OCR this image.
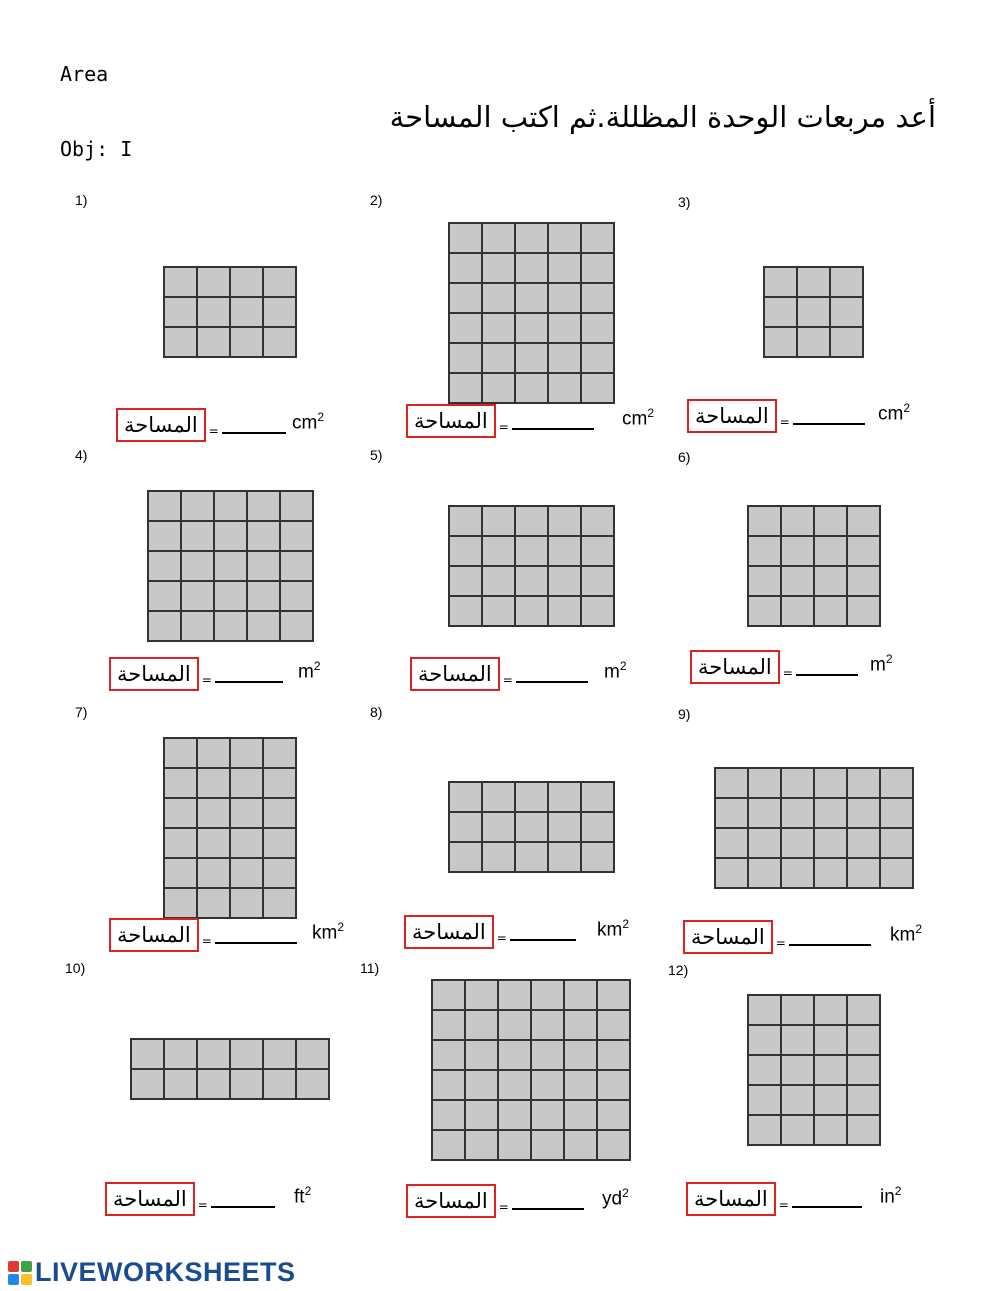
Area
Obj: I
أعد مربعات الوحدة المظللة.ثم اكتب المساحة
1)
المساحة =	$cm^2$
2)
المساحة =	$cm^2$
3)
المساحة =	$cm^2$
4)
المساحة =	$m^2$
5)
المساحة =	$m^2$
6)
المساحة =	$m^2$
7)
المساحة =	$km^2$
8)
المساحة =	$km^2$
9)
المساحة =	$km^2$
10)
المساحة =	$ft^2$
11)
المساحة =	$yd^2$
12)
المساحة =	$in^2$
LIVEWORKSHEETS
